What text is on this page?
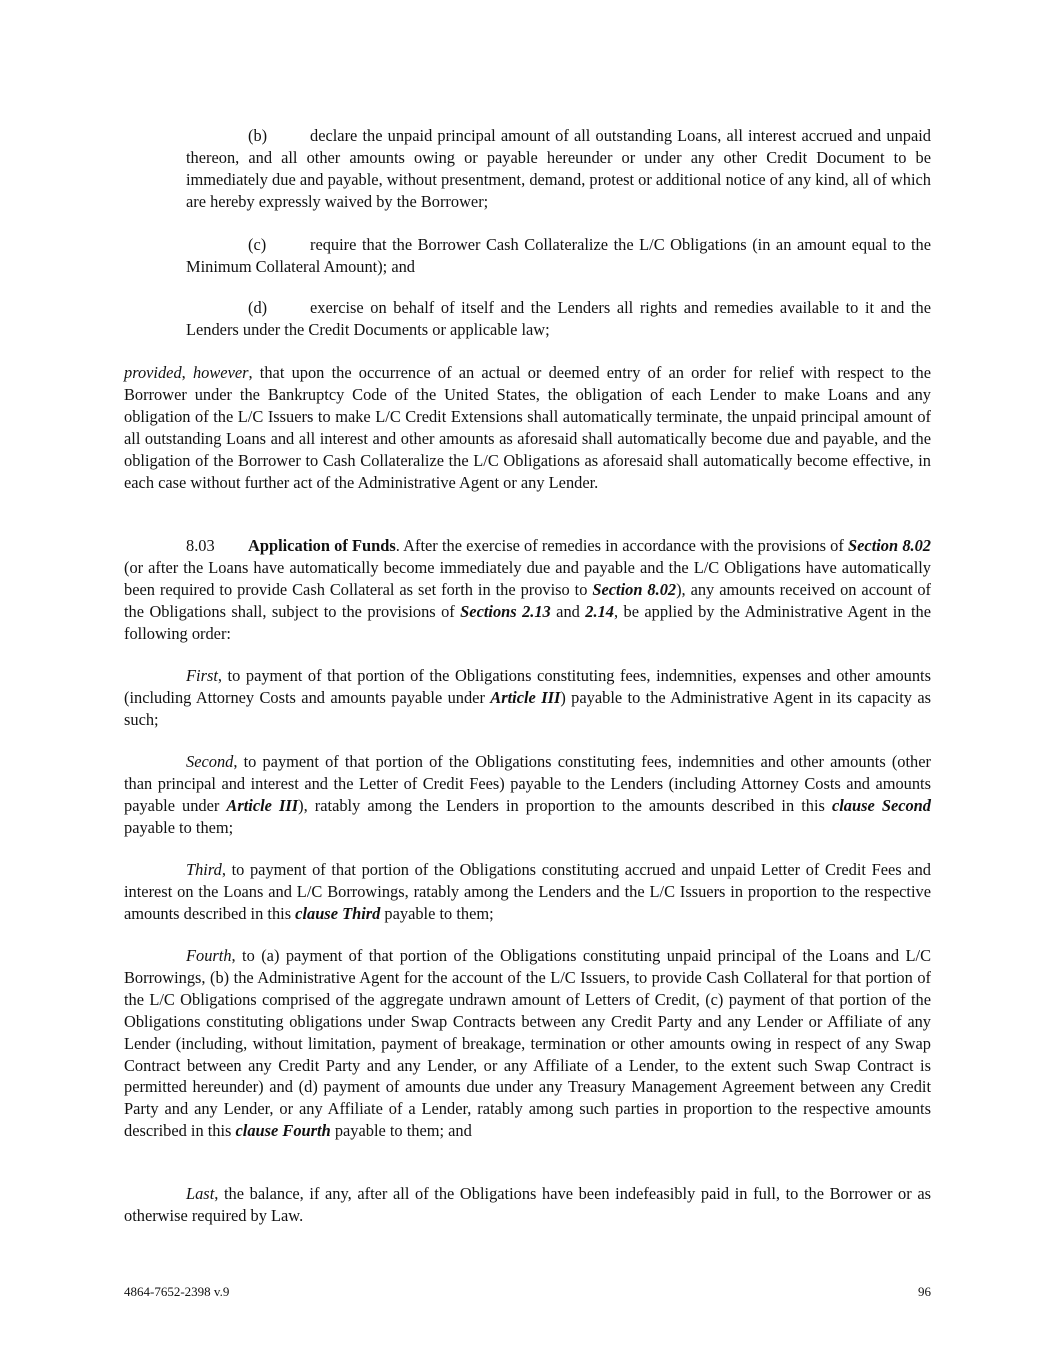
(b)	declare the unpaid principal amount of all outstanding Loans, all interest accrued and unpaid thereon, and all other amounts owing or payable hereunder or under any other Credit Document to be immediately due and payable, without presentment, demand, protest or additional notice of any kind, all of which are hereby expressly waived by the Borrower;

(c)	require that the Borrower Cash Collateralize the L/C Obligations (in an amount equal to the Minimum Collateral Amount); and

(d)	exercise on behalf of itself and the Lenders all rights and remedies available to it and the Lenders under the Credit Documents or applicable law;

provided, however, that upon the occurrence of an actual or deemed entry of an order for relief with respect to the Borrower under the Bankruptcy Code of the United States, the obligation of each Lender to make Loans and any obligation of the L/C Issuers to make L/C Credit Extensions shall automatically terminate, the unpaid principal amount of all outstanding Loans and all interest and other amounts as aforesaid shall automatically become due and payable, and the obligation of the Borrower to Cash Collateralize the L/C Obligations as aforesaid shall automatically become effective, in each case without further act of the Administrative Agent or any Lender.

8.03 Application of Funds. After the exercise of remedies in accordance with the provisions of Section 8.02 (or after the Loans have automatically become immediately due and payable and the L/C Obligations have automatically been required to provide Cash Collateral as set forth in the proviso to Section 8.02), any amounts received on account of the Obligations shall, subject to the provisions of Sections 2.13 and 2.14, be applied by the Administrative Agent in the following order:

First, to payment of that portion of the Obligations constituting fees, indemnities, expenses and other amounts (including Attorney Costs and amounts payable under Article III) payable to the Administrative Agent in its capacity as such;

Second, to payment of that portion of the Obligations constituting fees, indemnities and other amounts (other than principal and interest and the Letter of Credit Fees) payable to the Lenders (including Attorney Costs and amounts payable under Article III), ratably among the Lenders in proportion to the amounts described in this clause Second payable to them;

Third, to payment of that portion of the Obligations constituting accrued and unpaid Letter of Credit Fees and interest on the Loans and L/C Borrowings, ratably among the Lenders and the L/C Issuers in proportion to the respective amounts described in this clause Third payable to them;

Fourth, to (a) payment of that portion of the Obligations constituting unpaid principal of the Loans and L/C Borrowings, (b) the Administrative Agent for the account of the L/C Issuers, to provide Cash Collateral for that portion of the L/C Obligations comprised of the aggregate undrawn amount of Letters of Credit, (c) payment of that portion of the Obligations constituting obligations under Swap Contracts between any Credit Party and any Lender or Affiliate of any Lender (including, without limitation, payment of breakage, termination or other amounts owing in respect of any Swap Contract between any Credit Party and any Lender, or any Affiliate of a Lender, to the extent such Swap Contract is permitted hereunder) and (d) payment of amounts due under any Treasury Management Agreement between any Credit Party and any Lender, or any Affiliate of a Lender, ratably among such parties in proportion to the respective amounts described in this clause Fourth payable to them; and

Last, the balance, if any, after all of the Obligations have been indefeasibly paid in full, to the Borrower or as otherwise required by Law.

4864-7652-2398 v.9	96
